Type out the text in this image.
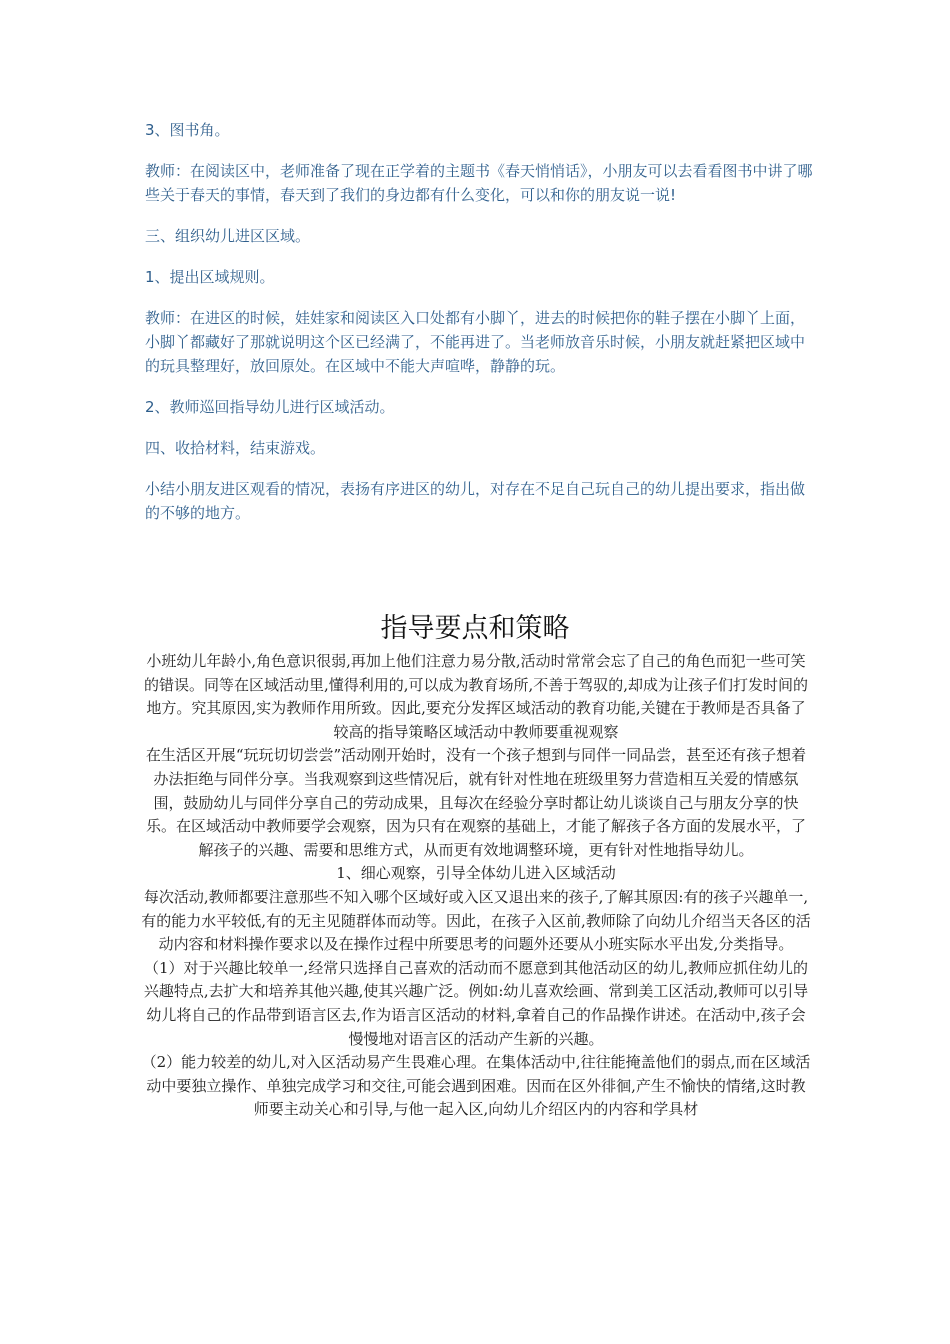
3、图书角。

教师：在阅读区中，老师准备了现在正学着的主题书《春天悄悄话》，小朋友可以去看看图书中讲了哪些关于春天的事情，春天到了我们的身边都有什么变化，可以和你的朋友说一说!

三、组织幼儿进区区域。

1、提出区域规则。

教师：在进区的时候，娃娃家和阅读区入口处都有小脚丫，进去的时候把你的鞋子摆在小脚丫上面，小脚丫都藏好了那就说明这个区已经满了，不能再进了。当老师放音乐时候，小朋友就赶紧把区域中的玩具整理好，放回原处。在区域中不能大声喧哗，静静的玩。

2、教师巡回指导幼儿进行区域活动。

四、收拾材料，结束游戏。

小结小朋友进区观看的情况，表扬有序进区的幼儿，对存在不足自己玩自己的幼儿提出要求，指出做的不够的地方。

指导要点和策略

小班幼儿年龄小,角色意识很弱,再加上他们注意力易分散,活动时常常会忘了自己的角色而犯一些可笑的错误。同等在区域活动里,懂得利用的,可以成为教育场所,不善于驾驭的,却成为让孩子们打发时间的地方。究其原因,实为教师作用所致。因此,要充分发挥区域活动的教育功能,关键在于教师是否具备了较高的指导策略区域活动中教师要重视观察

在生活区开展“玩玩切切尝尝”活动刚开始时，没有一个孩子想到与同伴一同品尝，甚至还有孩子想着办法拒绝与同伴分享。当我观察到这些情况后，就有针对性地在班级里努力营造相互关爱的情感氛围，鼓励幼儿与同伴分享自己的劳动成果，且每次在经验分享时都让幼儿谈谈自己与朋友分享的快乐。在区域活动中教师要学会观察，因为只有在观察的基础上，才能了解孩子各方面的发展水平，了解孩子的兴趣、需要和思维方式，从而更有效地调整环境，更有针对性地指导幼儿。

1、细心观察，引导全体幼儿进入区域活动

每次活动,教师都要注意那些不知入哪个区域好或入区又退出来的孩子,了解其原因:有的孩子兴趣单一,有的能力水平较低,有的无主见随群体而动等。因此，在孩子入区前,教师除了向幼儿介绍当天各区的活动内容和材料操作要求以及在操作过程中所要思考的问题外还要从小班实际水平出发,分类指导。

（1）对于兴趣比较单一,经常只选择自己喜欢的活动而不愿意到其他活动区的幼儿,教师应抓住幼儿的兴趣特点,去扩大和培养其他兴趣,使其兴趣广泛。例如:幼儿喜欢绘画、常到美工区活动,教师可以引导幼儿将自己的作品带到语言区去,作为语言区活动的材料,拿着自己的作品操作讲述。在活动中,孩子会慢慢地对语言区的活动产生新的兴趣。

（2）能力较差的幼儿,对入区活动易产生畏难心理。在集体活动中,往往能掩盖他们的弱点,而在区域活动中要独立操作、单独完成学习和交往,可能会遇到困难。因而在区外徘徊,产生不愉快的情绪,这时教师要主动关心和引导,与他一起入区,向幼儿介绍区内的内容和学具材
